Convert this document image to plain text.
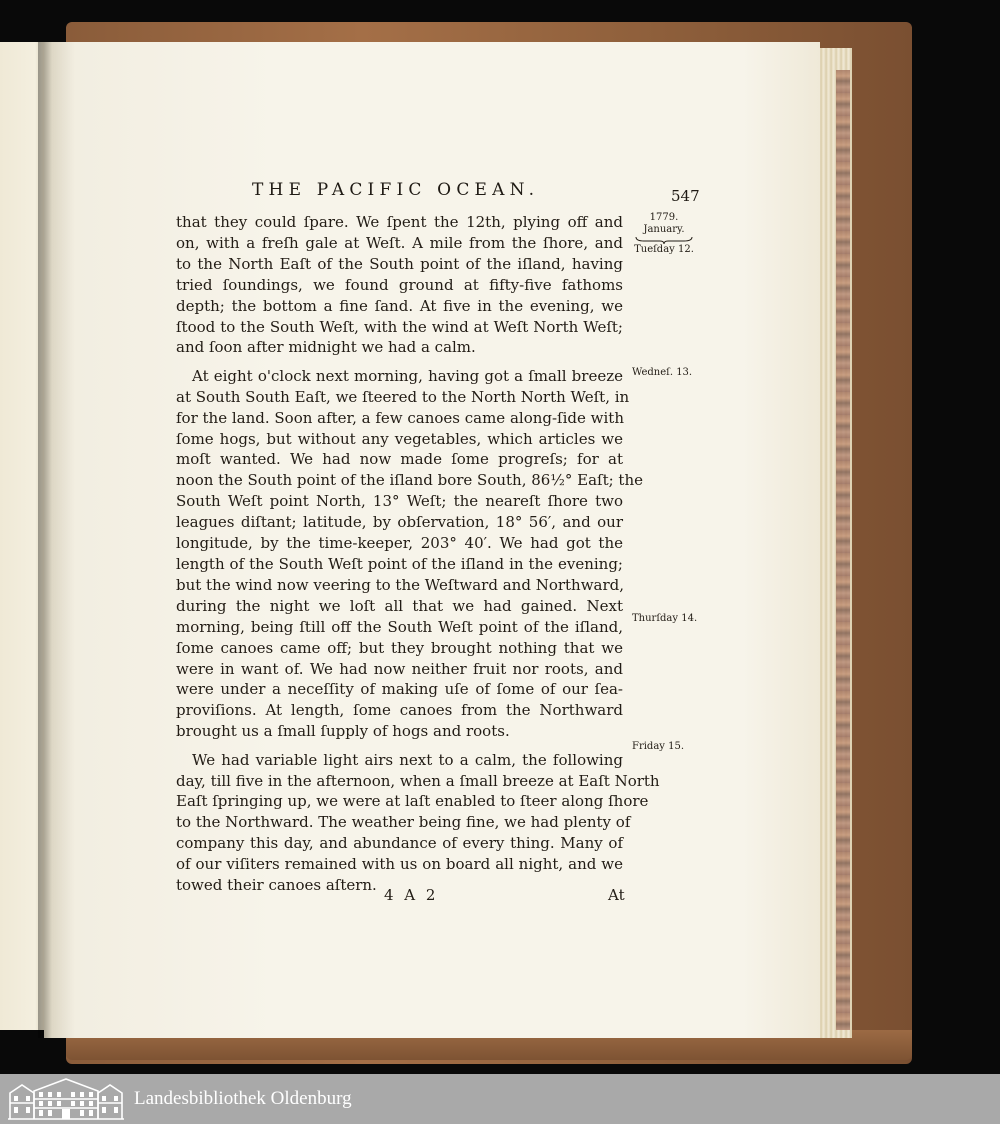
THE PACIFIC OCEAN.	547
that they could ſpare. We ſpent the 12th, plying off and
on, with a freſh gale at Weſt. A mile from the ſhore, and
to the North Eaſt of the South point of the iſland, having
tried ſoundings, we found ground at fifty-five fathoms
depth; the bottom a fine ſand. At five in the evening, we
ſtood to the South Weſt, with the wind at Weſt North Weſt;
and ſoon after midnight we had a calm.
At eight o'clock next morning, having got a ſmall breeze
at South South Eaſt, we ſteered to the North North Weſt, in
for the land. Soon after, a few canoes came along-ſide with
ſome hogs, but without any vegetables, which articles we
moſt wanted. We had now made ſome progreſs; for at
noon the South point of the iſland bore South, 86½° Eaſt; the
South Weſt point North, 13° Weſt; the neareſt ſhore two
leagues diſtant; latitude, by obſervation, 18° 56′, and our
longitude, by the time-keeper, 203° 40′. We had got the
length of the South Weſt point of the iſland in the evening;
but the wind now veering to the Weſtward and Northward,
during the night we loſt all that we had gained. Next
morning, being ſtill off the South Weſt point of the iſland,
ſome canoes came off; but they brought nothing that we
were in want of. We had now neither fruit nor roots, and
were under a neceſſity of making uſe of ſome of our ſea-
proviſions. At length, ſome canoes from the Northward
brought us a ſmall ſupply of hogs and roots.
We had variable light airs next to a calm, the following
day, till five in the afternoon, when a ſmall breeze at Eaſt North
Eaſt ſpringing up, we were at laſt enabled to ſteer along ſhore
to the Northward. The weather being fine, we had plenty of
company this day, and abundance of every thing. Many of
of our viſiters remained with us on board all night, and we
towed their canoes aſtern.
1779.
January.
Tueſday 12.
Wedneſ. 13.
Thurſday 14.
Friday 15.
4 A 2	At
Landesbibliothek Oldenburg
